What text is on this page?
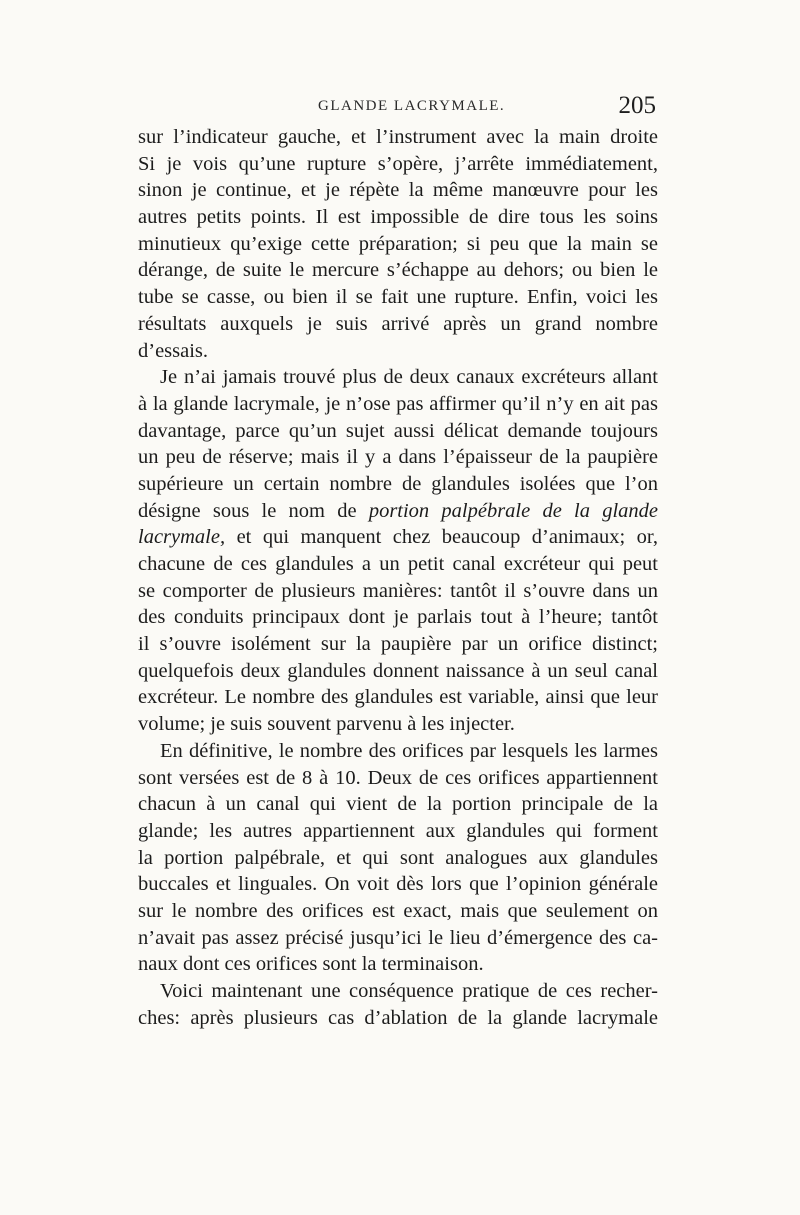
GLANDE LACRYMALE.	205
sur l’indicateur gauche, et l’instrument avec la main droite
Si je vois qu’une rupture s’opère, j’arrête immédiatement,
sinon je continue, et je répète la même manœuvre pour les
autres petits points. Il est impossible de dire tous les soins
minutieux qu’exige cette préparation; si peu que la main se
dérange, de suite le mercure s’échappe au dehors; ou bien le
tube se casse, ou bien il se fait une rupture. Enfin, voici les
résultats auxquels je suis arrivé après un grand nombre
d’essais.
Je n’ai jamais trouvé plus de deux canaux excréteurs allant
à la glande lacrymale, je n’ose pas affirmer qu’il n’y en ait pas
davantage, parce qu’un sujet aussi délicat demande toujours
un peu de réserve; mais il y a dans l’épaisseur de la paupière
supérieure un certain nombre de glandules isolées que l’on
désigne sous le nom de portion palpébrale de la glande
lacrymale, et qui manquent chez beaucoup d’animaux; or,
chacune de ces glandules a un petit canal excréteur qui peut
se comporter de plusieurs manières: tantôt il s’ouvre dans un
des conduits principaux dont je parlais tout à l’heure; tantôt
il s’ouvre isolément sur la paupière par un orifice distinct;
quelquefois deux glandules donnent naissance à un seul canal
excréteur. Le nombre des glandules est variable, ainsi que leur
volume; je suis souvent parvenu à les injecter.
En définitive, le nombre des orifices par lesquels les larmes
sont versées est de 8 à 10. Deux de ces orifices appartiennent
chacun à un canal qui vient de la portion principale de la
glande; les autres appartiennent aux glandules qui forment
la portion palpébrale, et qui sont analogues aux glandules
buccales et linguales. On voit dès lors que l’opinion générale
sur le nombre des orifices est exact, mais que seulement on
n’avait pas assez précisé jusqu’ici le lieu d’émergence des ca-
naux dont ces orifices sont la terminaison.
Voici maintenant une conséquence pratique de ces recher-
ches: après plusieurs cas d’ablation de la glande lacrymale
